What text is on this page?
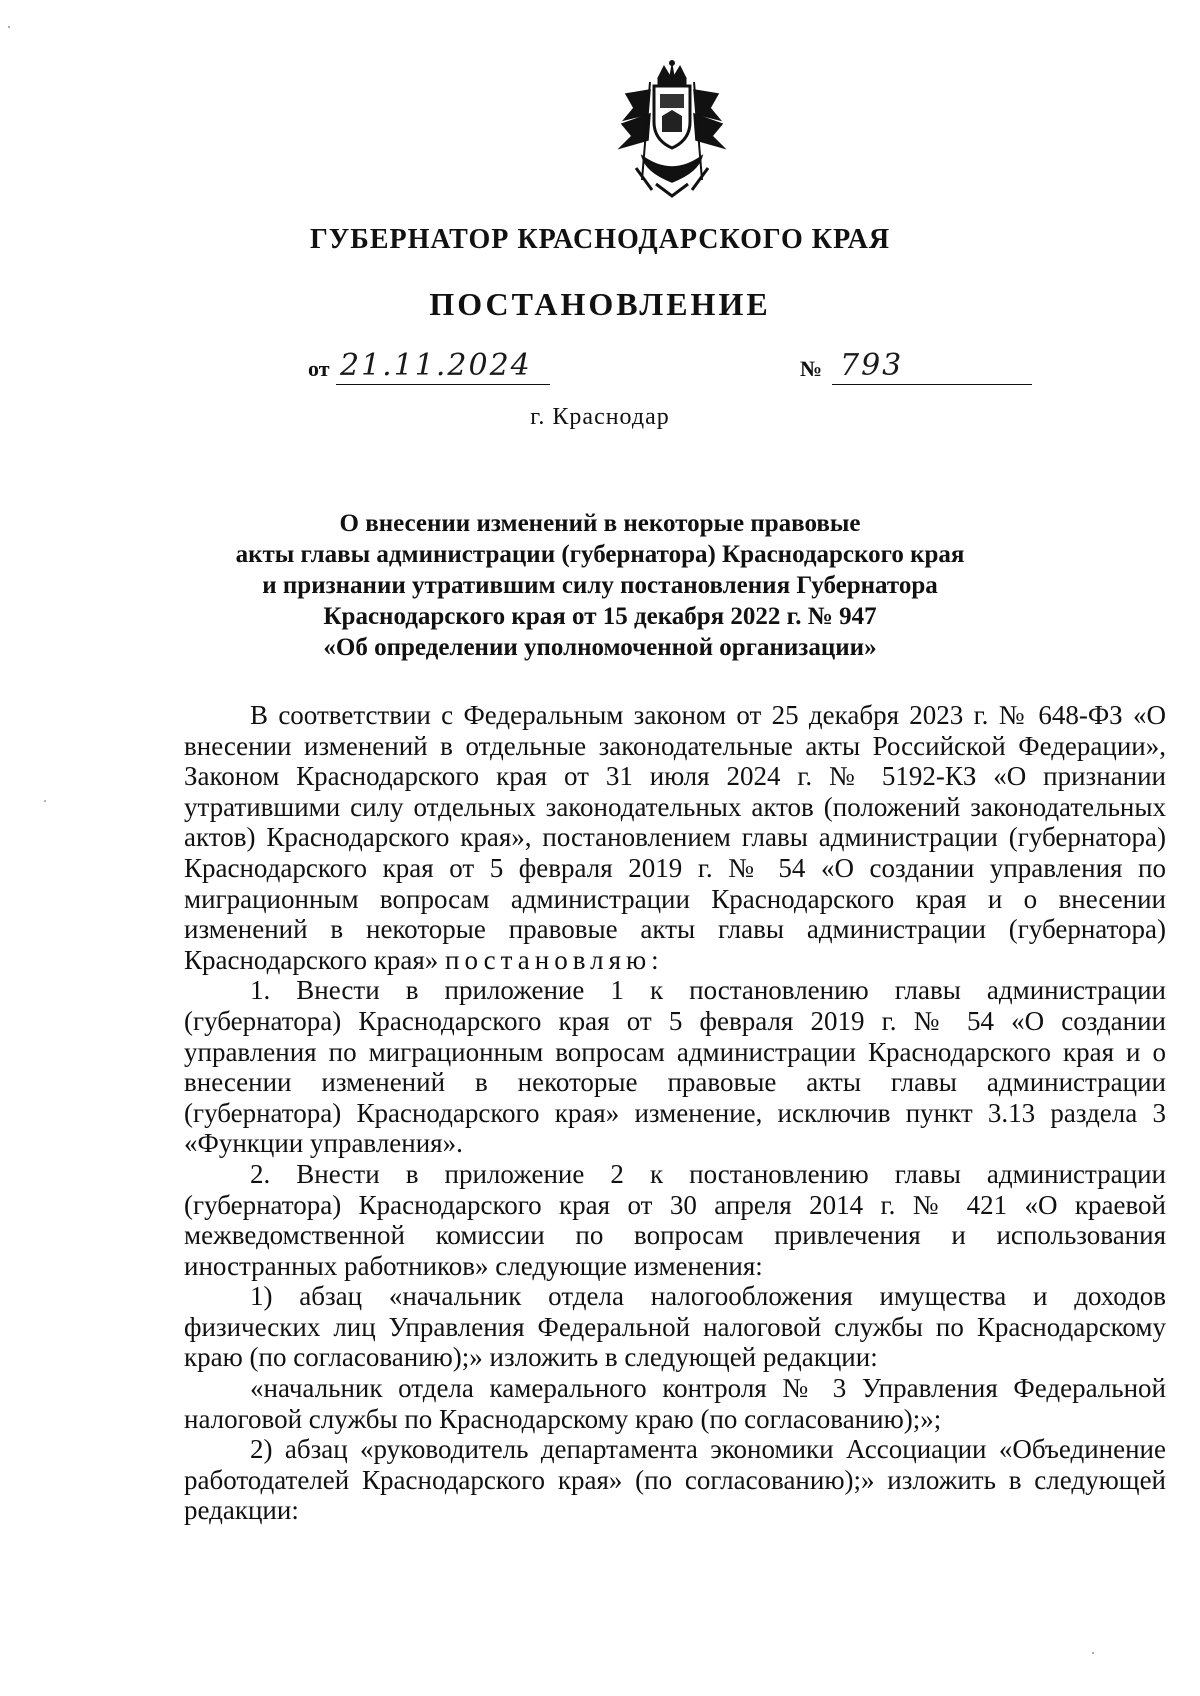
ГУБЕРНАТОР КРАСНОДАРСКОГО КРАЯ
ПОСТАНОВЛЕНИЕ
от 21.11.2024	№ 793
г. Краснодар
О внесении изменений в некоторые правовые
акты главы администрации (губернатора) Краснодарского края
и признании утратившим силу постановления Губернатора
Краснодарского края от 15 декабря 2022 г. № 947
«Об определении уполномоченной организации»

В соответствии с Федеральным законом от 25 декабря 2023 г. № 648-ФЗ «О внесении изменений в отдельные законодательные акты Российской Федерации», Законом Краснодарского края от 31 июля 2024 г. № 5192-КЗ «О признании утратившими силу отдельных законодательных актов (положений законодательных актов) Краснодарского края», постановлением главы администрации (губернатора) Краснодарского края от 5 февраля 2019 г. № 54 «О создании управления по миграционным вопросам администрации Краснодарского края и о внесении изменений в некоторые правовые акты главы администрации (губернатора) Краснодарского края» постановляю:

1. Внести в приложение 1 к постановлению главы администрации (губернатора) Краснодарского края от 5 февраля 2019 г. № 54 «О создании управления по миграционным вопросам администрации Краснодарского края и о внесении изменений в некоторые правовые акты главы администрации (губернатора) Краснодарского края» изменение, исключив пункт 3.13 раздела 3 «Функции управления».

2. Внести в приложение 2 к постановлению главы администрации (губернатора) Краснодарского края от 30 апреля 2014 г. № 421 «О краевой межведомственной комиссии по вопросам привлечения и использования иностранных работников» следующие изменения:

1) абзац «начальник отдела налогообложения имущества и доходов физических лиц Управления Федеральной налоговой службы по Краснодарскому краю (по согласованию);» изложить в следующей редакции:

«начальник отдела камерального контроля № 3 Управления Федеральной налоговой службы по Краснодарскому краю (по согласованию);»;

2) абзац «руководитель департамента экономики Ассоциации «Объединение работодателей Краснодарского края» (по согласованию);» изложить в следующей редакции:
